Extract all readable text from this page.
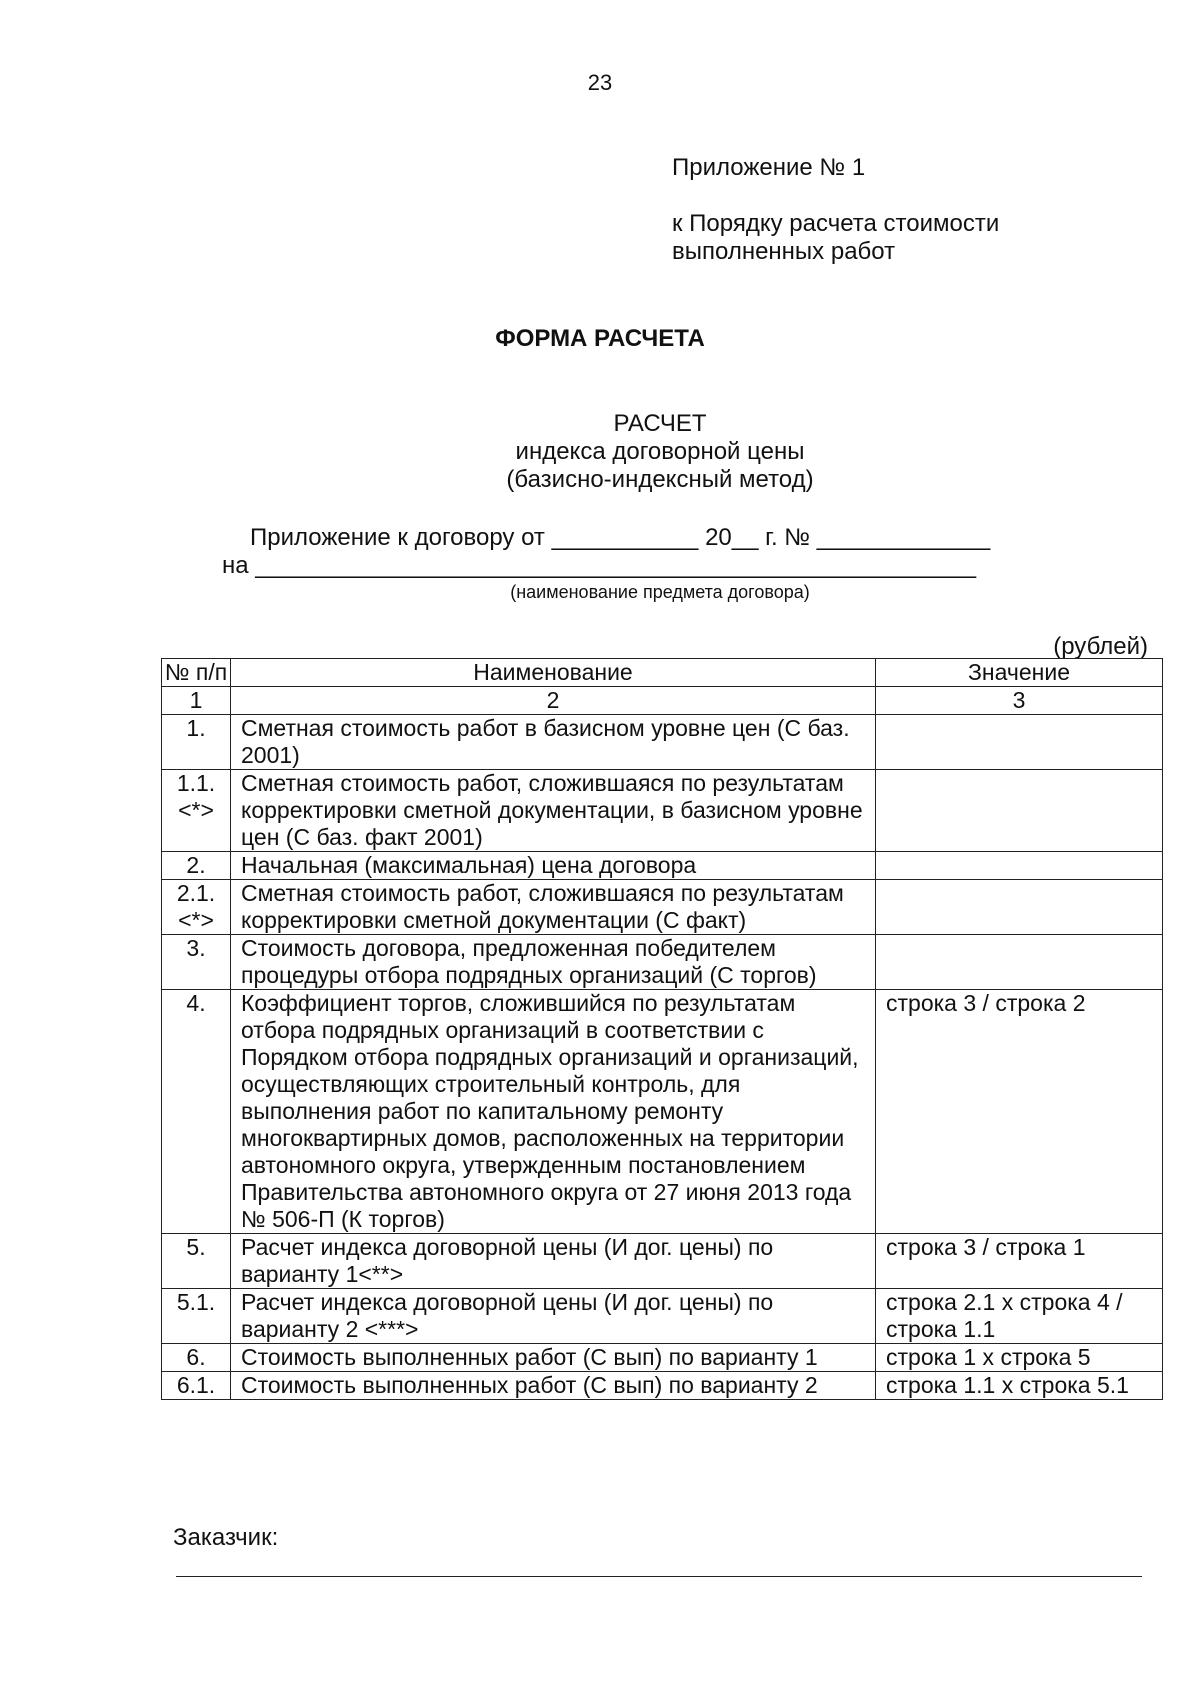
23
Приложение № 1
к Порядку расчета стоимости
выполненных работ
ФОРМА РАСЧЕТА
РАСЧЕТ
индекса договорной цены
(базисно-индексный метод)
Приложение к договору от ___________ 20__ г. № _____________
на ______________________________________________________
(наименование предмета договора)
(рублей)
№ п/п	Наименование	Значение
1	2	3
1.	Сметная стоимость работ в базисном уровне цен (С баз. 2001)	
1.1. <*>	Сметная стоимость работ, сложившаяся по результатам корректировки сметной документации, в базисном уровне цен (С баз. факт 2001)	
2.	Начальная (максимальная) цена договора	
2.1. <*>	Сметная стоимость работ, сложившаяся по результатам корректировки сметной документации (С факт)	
3.	Стоимость договора, предложенная победителем процедуры отбора подрядных организаций (С торгов)	
4.	Коэффициент торгов, сложившийся по результатам отбора подрядных организаций в соответствии с Порядком отбора подрядных организаций и организаций, осуществляющих строительный контроль, для выполнения работ по капитальному ремонту многоквартирных домов, расположенных на территории автономного округа, утвержденным постановлением Правительства автономного округа от 27 июня 2013 года № 506-П (К торгов)	строка 3 / строка 2
5.	Расчет индекса договорной цены (И дог. цены) по варианту 1<**>	строка 3 / строка 1
5.1.	Расчет индекса договорной цены (И дог. цены) по варианту 2 <***>	строка 2.1 x строка 4 / строка 1.1
6.	Стоимость выполненных работ (С вып) по варианту 1	строка 1 x строка 5
6.1.	Стоимость выполненных работ (С вып) по варианту 2	строка 1.1 x строка 5.1
Заказчик:
